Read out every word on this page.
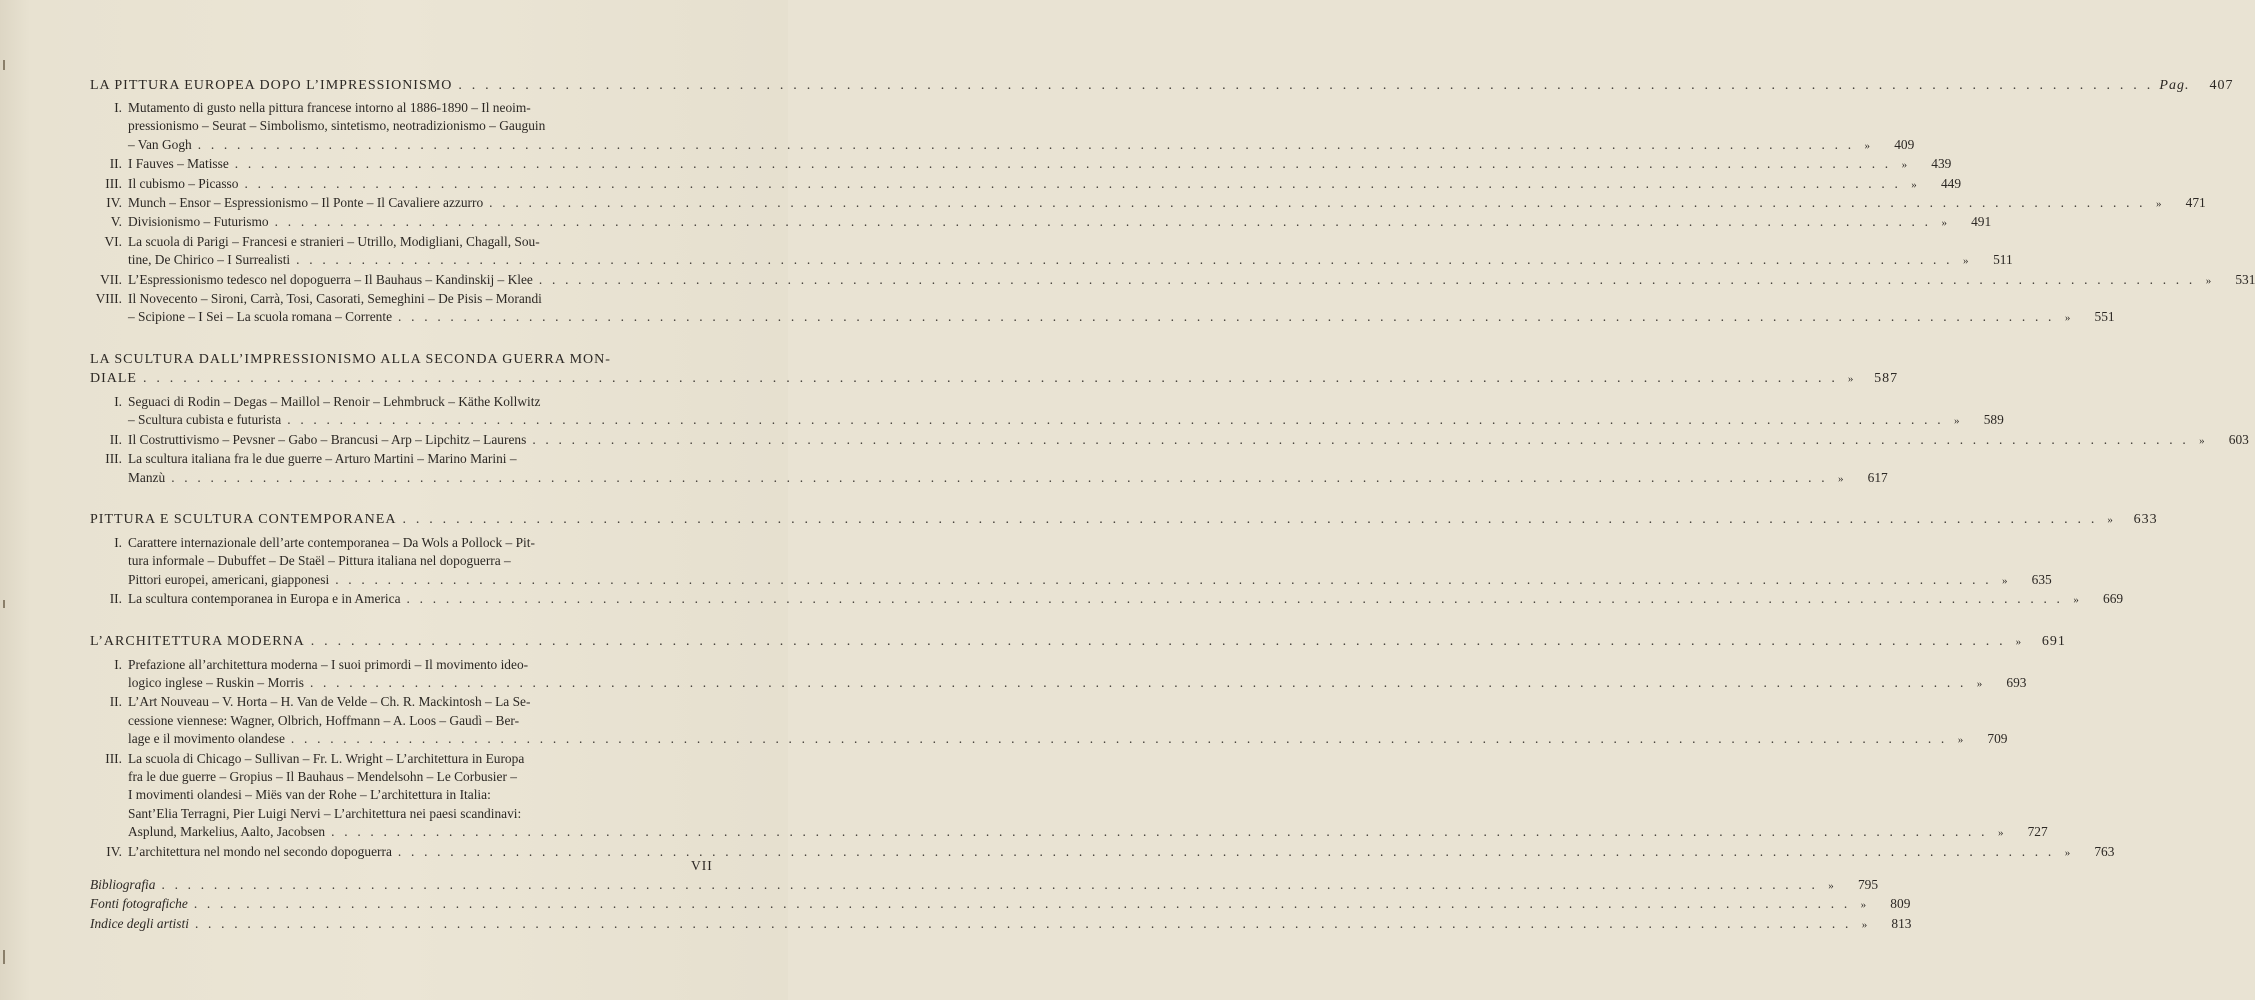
LA PITTURA EUROPEA DOPO L’IMPRESSIONISMO . . .	Pag.	407
I. Mutamento di gusto nella pittura francese intorno al 1886-1890 – Il neoim-
pressionismo – Seurat – Simbolismo, sintetismo, neotradizionismo – Gauguin
– Van Gogh . . .	»	409
II. I Fauves – Matisse . . .	»	439
III. Il cubismo – Picasso . . .	»	449
IV. Munch – Ensor – Espressionismo – Il Ponte – Il Cavaliere azzurro . . .	»	471
V. Divisionismo – Futurismo . . .	»	491
VI. La scuola di Parigi – Francesi e stranieri – Utrillo, Modigliani, Chagall, Sou-
tine, De Chirico – I Surrealisti . . .	»	511
VII. L’Espressionismo tedesco nel dopoguerra – Il Bauhaus – Kandinskij – Klee . . .	»	531
VIII. Il Novecento – Sironi, Carrà, Tosi, Casorati, Semeghini – De Pisis – Morandi
– Scipione – I Sei – La scuola romana – Corrente . . .	»	551
LA SCULTURA DALL’IMPRESSIONISMO ALLA SECONDA GUERRA MON-
DIALE . . .	»	587
I. Seguaci di Rodin – Degas – Maillol – Renoir – Lehmbruck – Käthe Kollwitz
– Scultura cubista e futurista . . .	»	589
II. Il Costruttivismo – Pevsner – Gabo – Brancusi – Arp – Lipchitz – Laurens . . .	»	603
III. La scultura italiana fra le due guerre – Arturo Martini – Marino Marini –
Manzù . . .	»	617
PITTURA E SCULTURA CONTEMPORANEA . . .	»	633
I. Carattere internazionale dell’arte contemporanea – Da Wols a Pollock – Pit-
tura informale – Dubuffet – De Staël – Pittura italiana nel dopoguerra –
Pittori europei, americani, giapponesi . . .	»	635
II. La scultura contemporanea in Europa e in America . . .	»	669
L’ARCHITETTURA MODERNA . . .	»	691
I. Prefazione all’architettura moderna – I suoi primordi – Il movimento ideo-
logico inglese – Ruskin – Morris . . .	»	693
II. L’Art Nouveau – V. Horta – H. Van de Velde – Ch. R. Mackintosh – La Se-
cessione viennese: Wagner, Olbrich, Hoffmann – A. Loos – Gaudì – Ber-
lage e il movimento olandese . . .	»	709
III. La scuola di Chicago – Sullivan – Fr. L. Wright – L’architettura in Europa
fra le due guerre – Gropius – Il Bauhaus – Mendelsohn – Le Corbusier –
I movimenti olandesi – Miës van der Rohe – L’architettura in Italia:
Sant’Elia Terragni, Pier Luigi Nervi – L’architettura nei paesi scandinavi:
Asplund, Markelius, Aalto, Jacobsen . . .	»	727
IV. L’architettura nel mondo nel secondo dopoguerra . . .	»	763
Bibliografia . . .	»	795
Fonti fotografiche . . .	»	809
Indice degli artisti . . .	»	813
VII
